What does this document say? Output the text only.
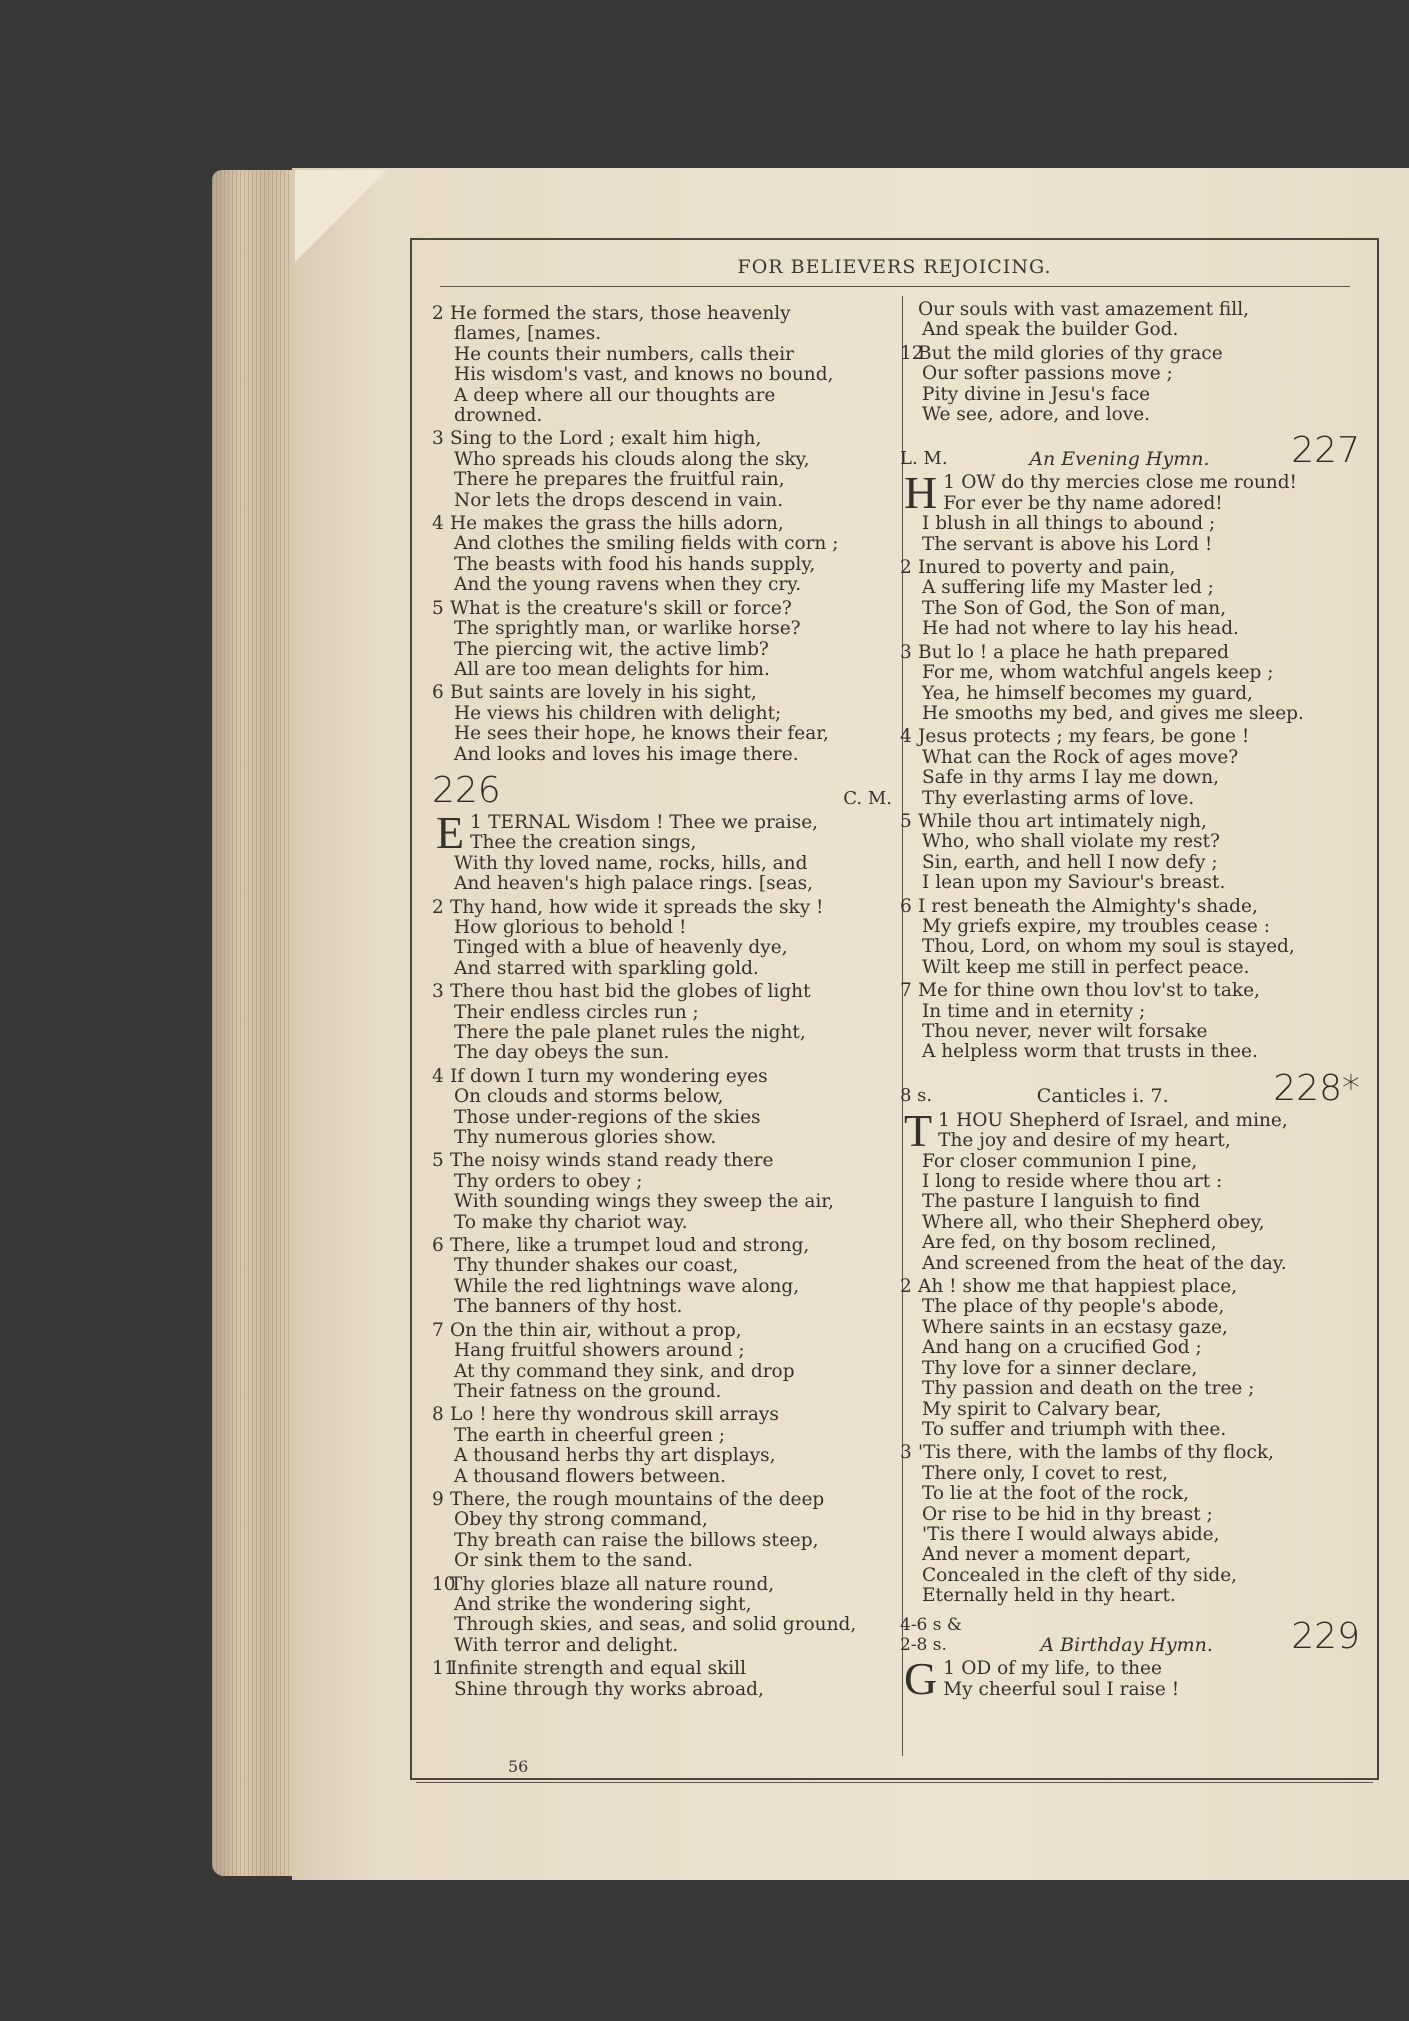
FOR BELIEVERS REJOICING.
2 He formed the stars, those heavenly
flames, [names.
He counts their numbers, calls their
His wisdom's vast, and knows no bound,
A deep where all our thoughts are
drowned.
3 Sing to the Lord ; exalt him high,
Who spreads his clouds along the sky,
There he prepares the fruitful rain,
Nor lets the drops descend in vain.
4 He makes the grass the hills adorn,
And clothes the smiling fields with corn ;
The beasts with food his hands supply,
And the young ravens when they cry.
5 What is the creature's skill or force?
The sprightly man, or warlike horse?
The piercing wit, the active limb?
All are too mean delights for him.
6 But saints are lovely in his sight,
He views his children with delight;
He sees their hope, he knows their fear,
And looks and loves his image there.
226	C. M.
1
E TERNAL Wisdom ! Thee we praise,
Thee the creation sings,
With thy loved name, rocks, hills, and
And heaven's high palace rings. [seas,
2 Thy hand, how wide it spreads the sky !
How glorious to behold !
Tinged with a blue of heavenly dye,
And starred with sparkling gold.
3 There thou hast bid the globes of light
Their endless circles run ;
There the pale planet rules the night,
The day obeys the sun.
4 If down I turn my wondering eyes
On clouds and storms below,
Those under-regions of the skies
Thy numerous glories show.
5 The noisy winds stand ready there
Thy orders to obey ;
With sounding wings they sweep the air,
To make thy chariot way.
6 There, like a trumpet loud and strong,
Thy thunder shakes our coast,
While the red lightnings wave along,
The banners of thy host.
7 On the thin air, without a prop,
Hang fruitful showers around ;
At thy command they sink, and drop
Their fatness on the ground.
8 Lo ! here thy wondrous skill arrays
The earth in cheerful green ;
A thousand herbs thy art displays,
A thousand flowers between.
9 There, the rough mountains of the deep
Obey thy strong command,
Thy breath can raise the billows steep,
Or sink them to the sand.
10Thy glories blaze all nature round,
And strike the wondering sight,
Through skies, and seas, and solid ground,
With terror and delight.
11Infinite strength and equal skill
Shine through thy works abroad,
Our souls with vast amazement fill,
And speak the builder God.
12But the mild glories of thy grace
Our softer passions move ;
Pity divine in Jesu's face
We see, adore, and love.
L. M.	An Evening Hymn. 227
1
H OW do thy mercies close me round!
For ever be thy name adored!
I blush in all things to abound ;
The servant is above his Lord !
2 Inured to poverty and pain,
A suffering life my Master led ;
The Son of God, the Son of man,
He had not where to lay his head.
3 But lo ! a place he hath prepared
For me, whom watchful angels keep ;
Yea, he himself becomes my guard,
He smooths my bed, and gives me sleep.
4 Jesus protects ; my fears, be gone !
What can the Rock of ages move?
Safe in thy arms I lay me down,
Thy everlasting arms of love.
5 While thou art intimately nigh,
Who, who shall violate my rest?
Sin, earth, and hell I now defy ;
I lean upon my Saviour's breast.
6 I rest beneath the Almighty's shade,
My griefs expire, my troubles cease :
Thou, Lord, on whom my soul is stayed,
Wilt keep me still in perfect peace.
7 Me for thine own thou lov'st to take,
In time and in eternity ;
Thou never, never wilt forsake
A helpless worm that trusts in thee.
8 s.	Canticles i. 7.	228*
1
T HOU Shepherd of Israel, and mine,
The joy and desire of my heart,
For closer communion I pine,
I long to reside where thou art :
The pasture I languish to find
Where all, who their Shepherd obey,
Are fed, on thy bosom reclined,
And screened from the heat of the day.
2 Ah ! show me that happiest place,
The place of thy people's abode,
Where saints in an ecstasy gaze,
And hang on a crucified God ;
Thy love for a sinner declare,
Thy passion and death on the tree ;
My spirit to Calvary bear,
To suffer and triumph with thee.
3 'Tis there, with the lambs of thy flock,
There only, I covet to rest,
To lie at the foot of the rock,
Or rise to be hid in thy breast ;
'Tis there I would always abide,
And never a moment depart,
Concealed in the cleft of thy side,
Eternally held in thy heart.
4-6 s &
2-8 s.	A Birthday Hymn. 229
1
G OD of my life, to thee
My cheerful soul I raise !
56
